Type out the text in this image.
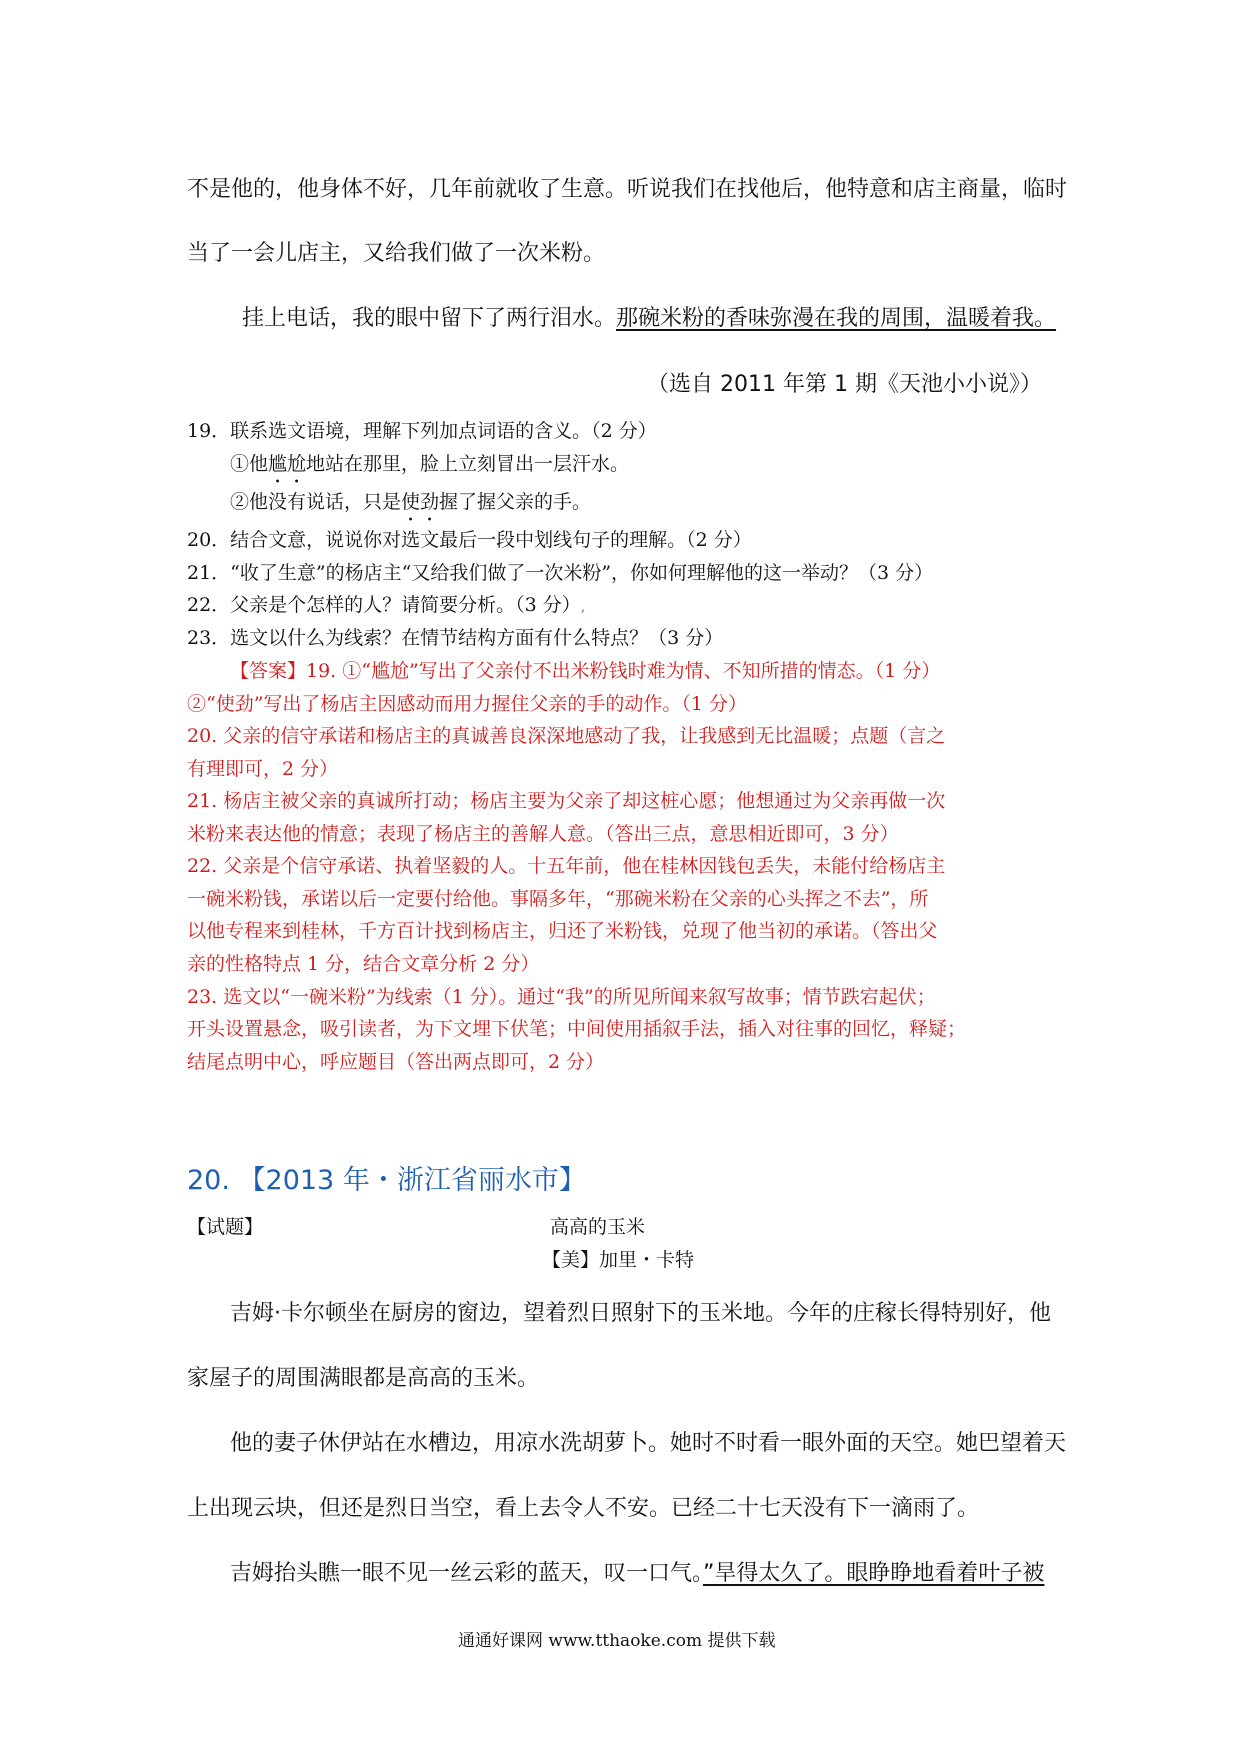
不是他的，他身体不好，几年前就收了生意。听说我们在找他后，他特意和店主商量，临时
当了一会儿店主，又给我们做了一次米粉。
挂上电话，我的眼中留下了两行泪水。那碗米粉的香味弥漫在我的周围，温暖着我。
（选自 2011 年第 1 期《天池小小说》）
19．联系选文语境，理解下列加点词语的含义。（2 分）
①他尴尬地站在那里，脸上立刻冒出一层汗水。
②他没有说话，只是使劲握了握父亲的手。
20．结合文意，说说你对选文最后一段中划线句子的理解。（2 分）
21．“收了生意”的杨店主“又给我们做了一次米粉”，你如何理解他的这一举动？（3 分）
22．父亲是个怎样的人？请简要分析。（3 分）,
23．选文以什么为线索？在情节结构方面有什么特点？（3 分）
【答案】19. ①“尴尬”写出了父亲付不出米粉钱时难为情、不知所措的情态。（1 分）
②“使劲”写出了杨店主因感动而用力握住父亲的手的动作。（1 分）
20. 父亲的信守承诺和杨店主的真诚善良深深地感动了我，让我感到无比温暖；点题（言之
有理即可，2 分）
21. 杨店主被父亲的真诚所打动；杨店主要为父亲了却这桩心愿；他想通过为父亲再做一次
米粉来表达他的情意；表现了杨店主的善解人意。（答出三点，意思相近即可，3 分）
22. 父亲是个信守承诺、执着坚毅的人。十五年前，他在桂林因钱包丢失，未能付给杨店主
一碗米粉钱，承诺以后一定要付给他。事隔多年，“那碗米粉在父亲的心头挥之不去”，所
以他专程来到桂林，千方百计找到杨店主，归还了米粉钱，兑现了他当初的承诺。（答出父
亲的性格特点 1 分，结合文章分析 2 分）
23. 选文以“一碗米粉”为线索（1 分）。通过“我”的所见所闻来叙写故事；情节跌宕起伏；
开头设置悬念，吸引读者，为下文埋下伏笔；中间使用插叙手法，插入对往事的回忆，释疑；
结尾点明中心，呼应题目（答出两点即可，2 分）
20. 【2013 年・浙江省丽水市】
【试题】	高高的玉米
【美】加里・卡特
吉姆·卡尔顿坐在厨房的窗边，望着烈日照射下的玉米地。今年的庄稼长得特别好，他
家屋子的周围满眼都是高高的玉米。
他的妻子休伊站在水槽边，用凉水洗胡萝卜。她时不时看一眼外面的天空。她巴望着天
上出现云块，但还是烈日当空，看上去令人不安。已经二十七天没有下一滴雨了。
吉姆抬头瞧一眼不见一丝云彩的蓝天，叹一口气。”旱得太久了。眼睁睁地看着叶子被
通通好课网 www.tthaoke.com 提供下载
